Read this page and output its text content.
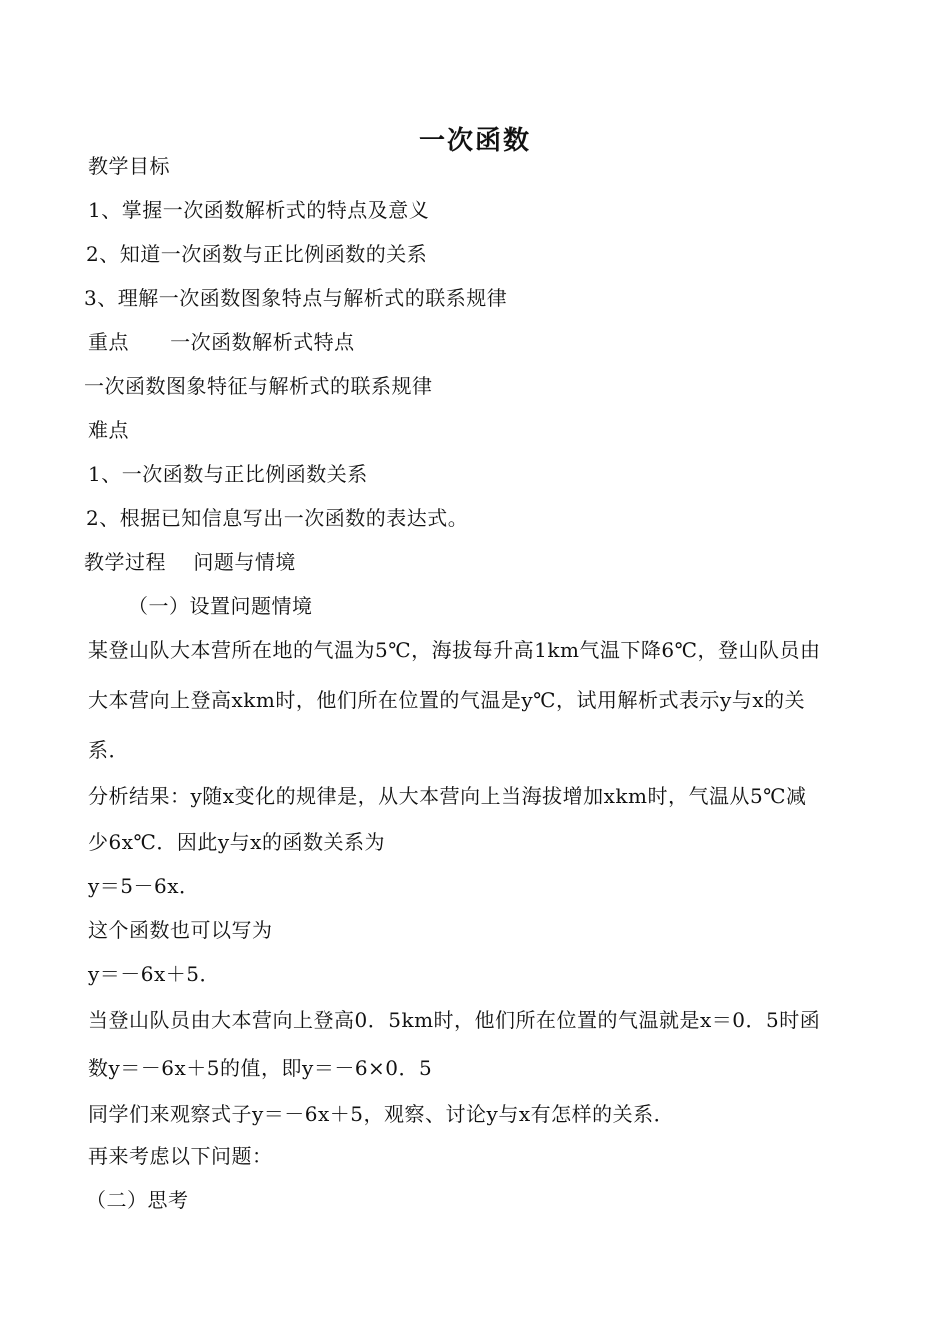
一次函数
教学目标
1、掌握一次函数解析式的特点及意义
2、知道一次函数与正比例函数的关系
3、理解一次函数图象特点与解析式的联系规律
重点      一次函数解析式特点
一次函数图象特征与解析式的联系规律
难点
1、一次函数与正比例函数关系
2、根据已知信息写出一次函数的表达式。
教学过程    问题与情境
（一）设置问题情境
某登山队大本营所在地的气温为5℃，海拔每升高1km气温下降6℃，登山队员由
大本营向上登高xkm时，他们所在位置的气温是y℃，试用解析式表示y与x的关
系．
分析结果：y随x变化的规律是，从大本营向上当海拔增加xkm时，气温从5℃减
少6x℃．因此y与x的函数关系为
y＝5－6x．
这个函数也可以写为
y＝－6x＋5．
当登山队员由大本营向上登高0．5km时，他们所在位置的气温就是x＝0．5时函
数y＝－6x＋5的值，即y＝－6×0．5
同学们来观察式子y＝－6x＋5，观察、讨论y与x有怎样的关系．
再来考虑以下问题：
（二）思考
